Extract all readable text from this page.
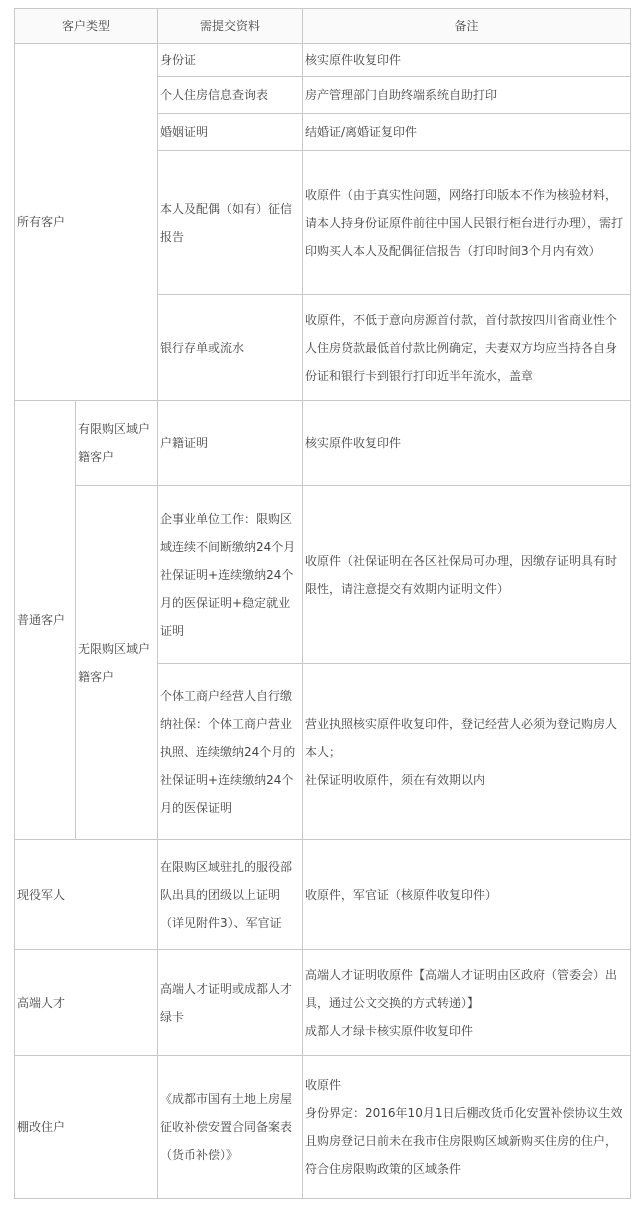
客户类型		需提交资料	备注
所有客户		身份证	核实原件收复印件
		个人住房信息查询表	房产管理部门自助终端系统自助打印
		婚姻证明	结婚证/离婚证复印件
		本人及配偶（如有）征信报告	收原件（由于真实性问题，网络打印版本不作为核验材料，请本人持身份证原件前往中国人民银行柜台进行办理），需打印购买人本人及配偶征信报告（打印时间3个月内有效）
		银行存单或流水	收原件，不低于意向房源首付款，首付款按四川省商业性个人住房贷款最低首付款比例确定，夫妻双方均应当持各自身份证和银行卡到银行打印近半年流水，盖章
普通客户	有限购区域户籍客户	户籍证明	核实原件收复印件
	无限购区域户籍客户	企事业单位工作：限购区域连续不间断缴纳24个月社保证明+连续缴纳24个月的医保证明+稳定就业证明	收原件（社保证明在各区社保局可办理，因缴存证明具有时限性，请注意提交有效期内证明文件）
		个体工商户经营人自行缴纳社保：个体工商户营业执照、连续缴纳24个月的社保证明+连续缴纳24个月的医保证明	营业执照核实原件收复印件，登记经营人必须为登记购房人本人；
社保证明收原件，须在有效期以内

现役军人		在限购区域驻扎的服役部队出具的团级以上证明（详见附件3）、军官证	收原件，军官证（核原件收复印件）
高端人才		高端人才证明或成都人才绿卡	高端人才证明收原件【高端人才证明由区政府（管委会）出具，通过公文交换的方式转递）】
成都人才绿卡核实原件收复印件

棚改住户		《成都市国有土地上房屋征收补偿安置合同备案表（货币补偿）》	收原件
身份界定：2016年10月1日后棚改货币化安置补偿协议生效且购房登记日前未在我市住房限购区域新购买住房的住户，符合住房限购政策的区域条件
